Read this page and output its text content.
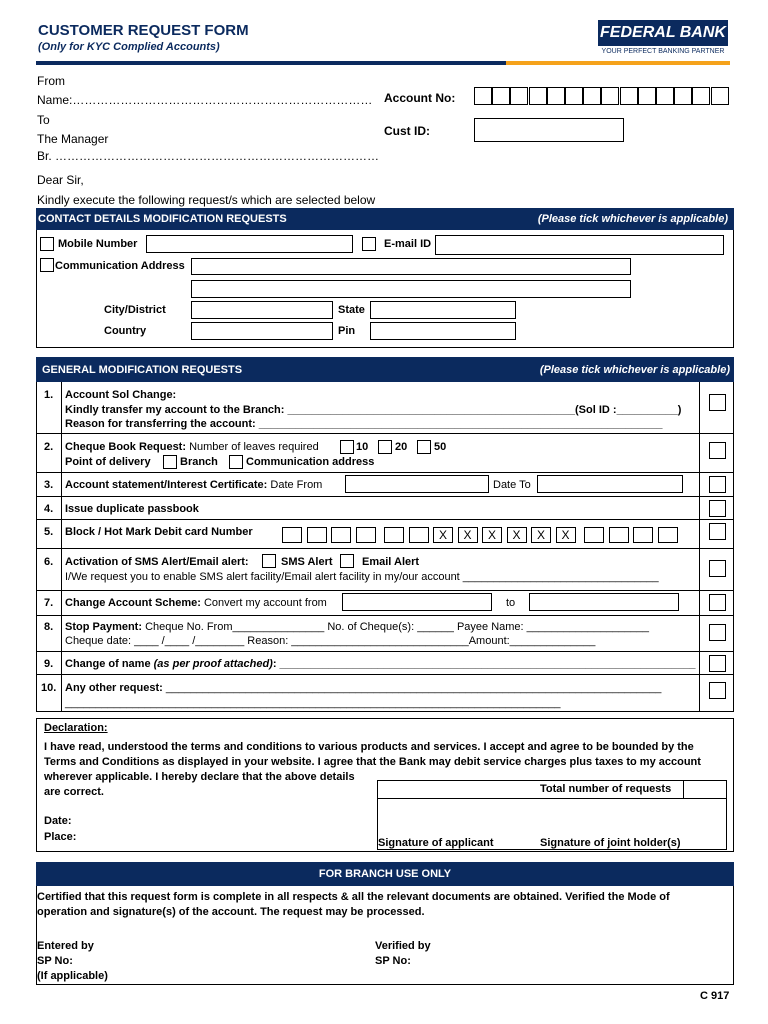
CUSTOMER REQUEST FORM
(Only for KYC Complied Accounts)
FEDERAL BANK
YOUR PERFECT BANKING PARTNER
From
Name:…………………………………………………………………
To
The Manager
Br. ………………………………………………………………………
Account No:
Cust ID:
Dear Sir,
Kindly execute the following request/s which are selected below
CONTACT DETAILS MODIFICATION REQUESTS	(Please tick whichever is applicable)
Mobile Number	E-mail ID
Communication Address
City/District	State
Country	Pin
GENERAL MODIFICATION REQUESTS	(Please tick whichever is applicable)
1.	Account Sol Change:
Kindly transfer my account to the Branch: _______________________________________________(Sol ID :__________)
Reason for transferring the account: __________________________________________________________________
2.	Cheque Book Request: Number of leaves required	10 20 50
Point of delivery	Branch	Communication address
3.	Account statement/Interest Certificate: Date From	Date To
4.	Issue duplicate passbook
5.	Block / Hot Mark Debit card Number	X	X	X	X	X	X
6.	Activation of SMS Alert/Email alert:	SMS Alert	Email Alert
I/We request you to enable SMS alert facility/Email alert facility in my/our account ________________________________
7.	Change Account Scheme: Convert my account from	to
8.	Stop Payment: Cheque No. From_______________ No. of Cheque(s): ______ Payee Name: ____________________
Cheque date: ____ /____ /________ Reason: _____________________________Amount:______________
9.	Change of name (as per proof attached): ____________________________________________________________________
10. Any other request: _________________________________________________________________________________
_________________________________________________________________________________
Declaration:
I have read, understood the terms and conditions to various products and services. I accept and agree to be bounded by the
Terms and Conditions as displayed in your website. I agree that the Bank may debit service charges plus taxes to my account
wherever applicable. I hereby declare that the above details
are correct.
Date:
Place:
Total number of requests
Signature of applicant	Signature of joint holder(s)
FOR BRANCH USE ONLY
Certified that this request form is complete in all respects & all the relevant documents are obtained. Verified the Mode of
operation and signature(s) of the account. The request may be processed.
Entered by
SP No:
(If applicable)
Verified by
SP No:
C 917
